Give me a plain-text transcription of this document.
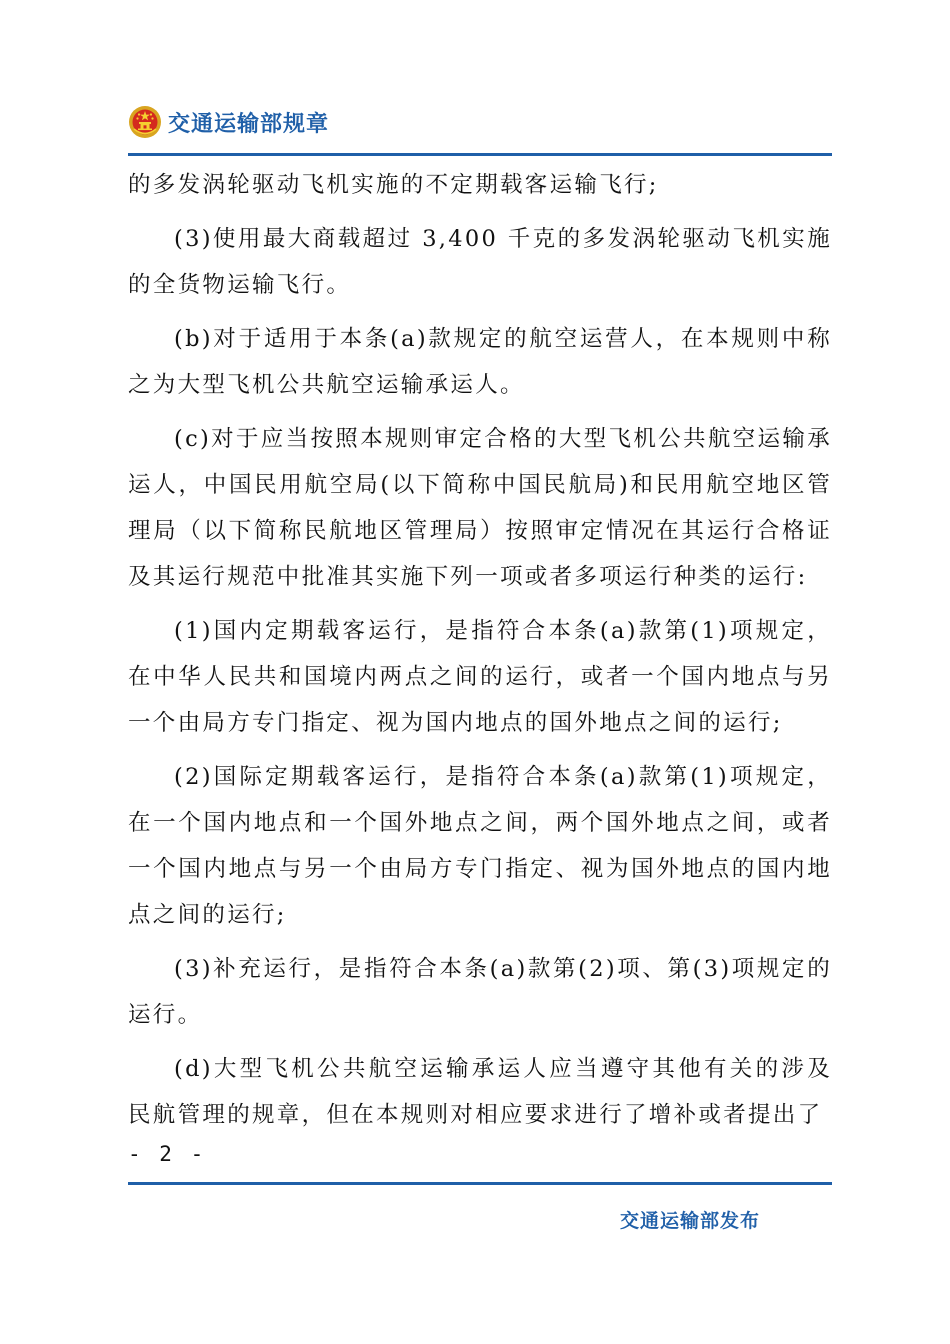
交通运输部规章

的多发涡轮驱动飞机实施的不定期载客运输飞行;

(3)使用最大商载超过 3,400 千克的多发涡轮驱动飞机实施的全货物运输飞行。

(b)对于适用于本条(a)款规定的航空运营人，在本规则中称之为大型飞机公共航空运输承运人。

(c)对于应当按照本规则审定合格的大型飞机公共航空运输承运人，中国民用航空局(以下简称中国民航局)和民用航空地区管理局（以下简称民航地区管理局）按照审定情况在其运行合格证及其运行规范中批准其实施下列一项或者多项运行种类的运行:

(1)国内定期载客运行，是指符合本条(a)款第(1)项规定，在中华人民共和国境内两点之间的运行，或者一个国内地点与另一个由局方专门指定、视为国内地点的国外地点之间的运行;

(2)国际定期载客运行，是指符合本条(a)款第(1)项规定，在一个国内地点和一个国外地点之间，两个国外地点之间，或者一个国内地点与另一个由局方专门指定、视为国外地点的国内地点之间的运行;

(3)补充运行，是指符合本条(a)款第(2)项、第(3)项规定的运行。

(d)大型飞机公共航空运输承运人应当遵守其他有关的涉及民航管理的规章，但在本规则对相应要求进行了增补或者提出了

- 2 -
交通运输部发布
